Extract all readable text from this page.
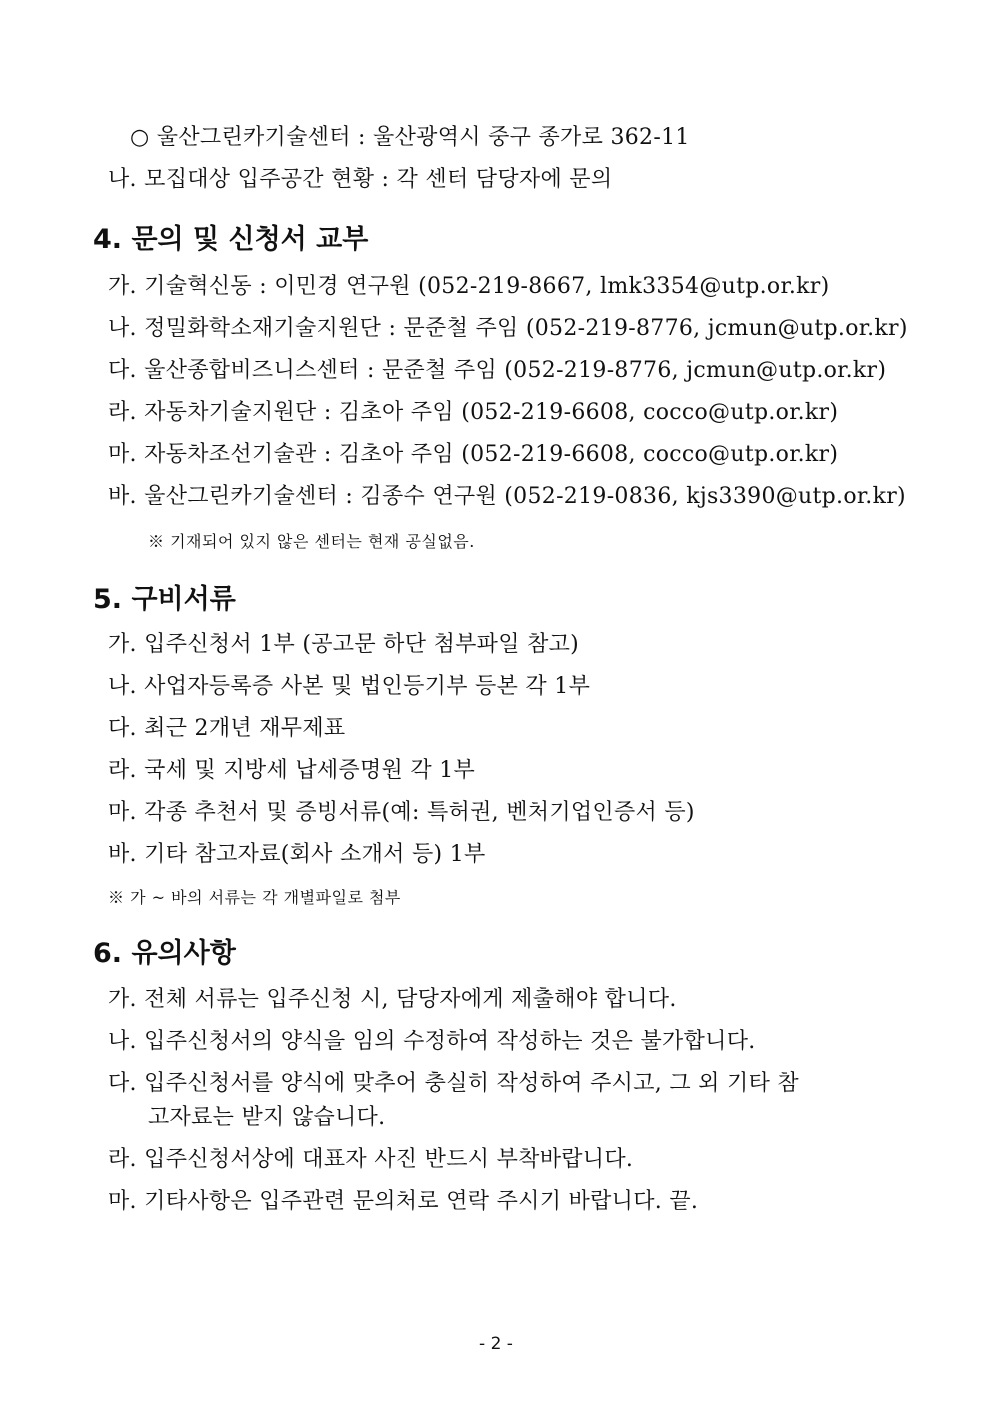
○ 울산그린카기술센터 : 울산광역시 중구 종가로 362-11
나. 모집대상 입주공간 현황 : 각 센터 담당자에 문의
4. 문의 및 신청서 교부
가. 기술혁신동 : 이민경 연구원 (052-219-8667, lmk3354@utp.or.kr)
나. 정밀화학소재기술지원단 : 문준철 주임 (052-219-8776, jcmun@utp.or.kr)
다. 울산종합비즈니스센터 : 문준철 주임 (052-219-8776, jcmun@utp.or.kr)
라. 자동차기술지원단 : 김초아 주임 (052-219-6608, cocco@utp.or.kr)
마. 자동차조선기술관 : 김초아 주임 (052-219-6608, cocco@utp.or.kr)
바. 울산그린카기술센터 : 김종수 연구원 (052-219-0836, kjs3390@utp.or.kr)
※ 기재되어 있지 않은 센터는 현재 공실없음.
5. 구비서류
가. 입주신청서 1부 (공고문 하단 첨부파일 참고)
나. 사업자등록증 사본 및 법인등기부 등본 각 1부
다. 최근 2개년 재무제표
라. 국세 및 지방세 납세증명원 각 1부
마. 각종 추천서 및 증빙서류(예: 특허권, 벤처기업인증서 등)
바. 기타 참고자료(회사 소개서 등) 1부
※ 가 ~ 바의 서류는 각 개별파일로 첨부
6. 유의사항
가. 전체 서류는 입주신청 시, 담당자에게 제출해야 합니다.
나. 입주신청서의 양식을 임의 수정하여 작성하는 것은 불가합니다.
다. 입주신청서를 양식에 맞추어 충실히 작성하여 주시고, 그 외 기타 참
고자료는 받지 않습니다.
라. 입주신청서상에 대표자 사진 반드시 부착바랍니다.
마. 기타사항은 입주관련 문의처로 연락 주시기 바랍니다. 끝.
- 2 -
